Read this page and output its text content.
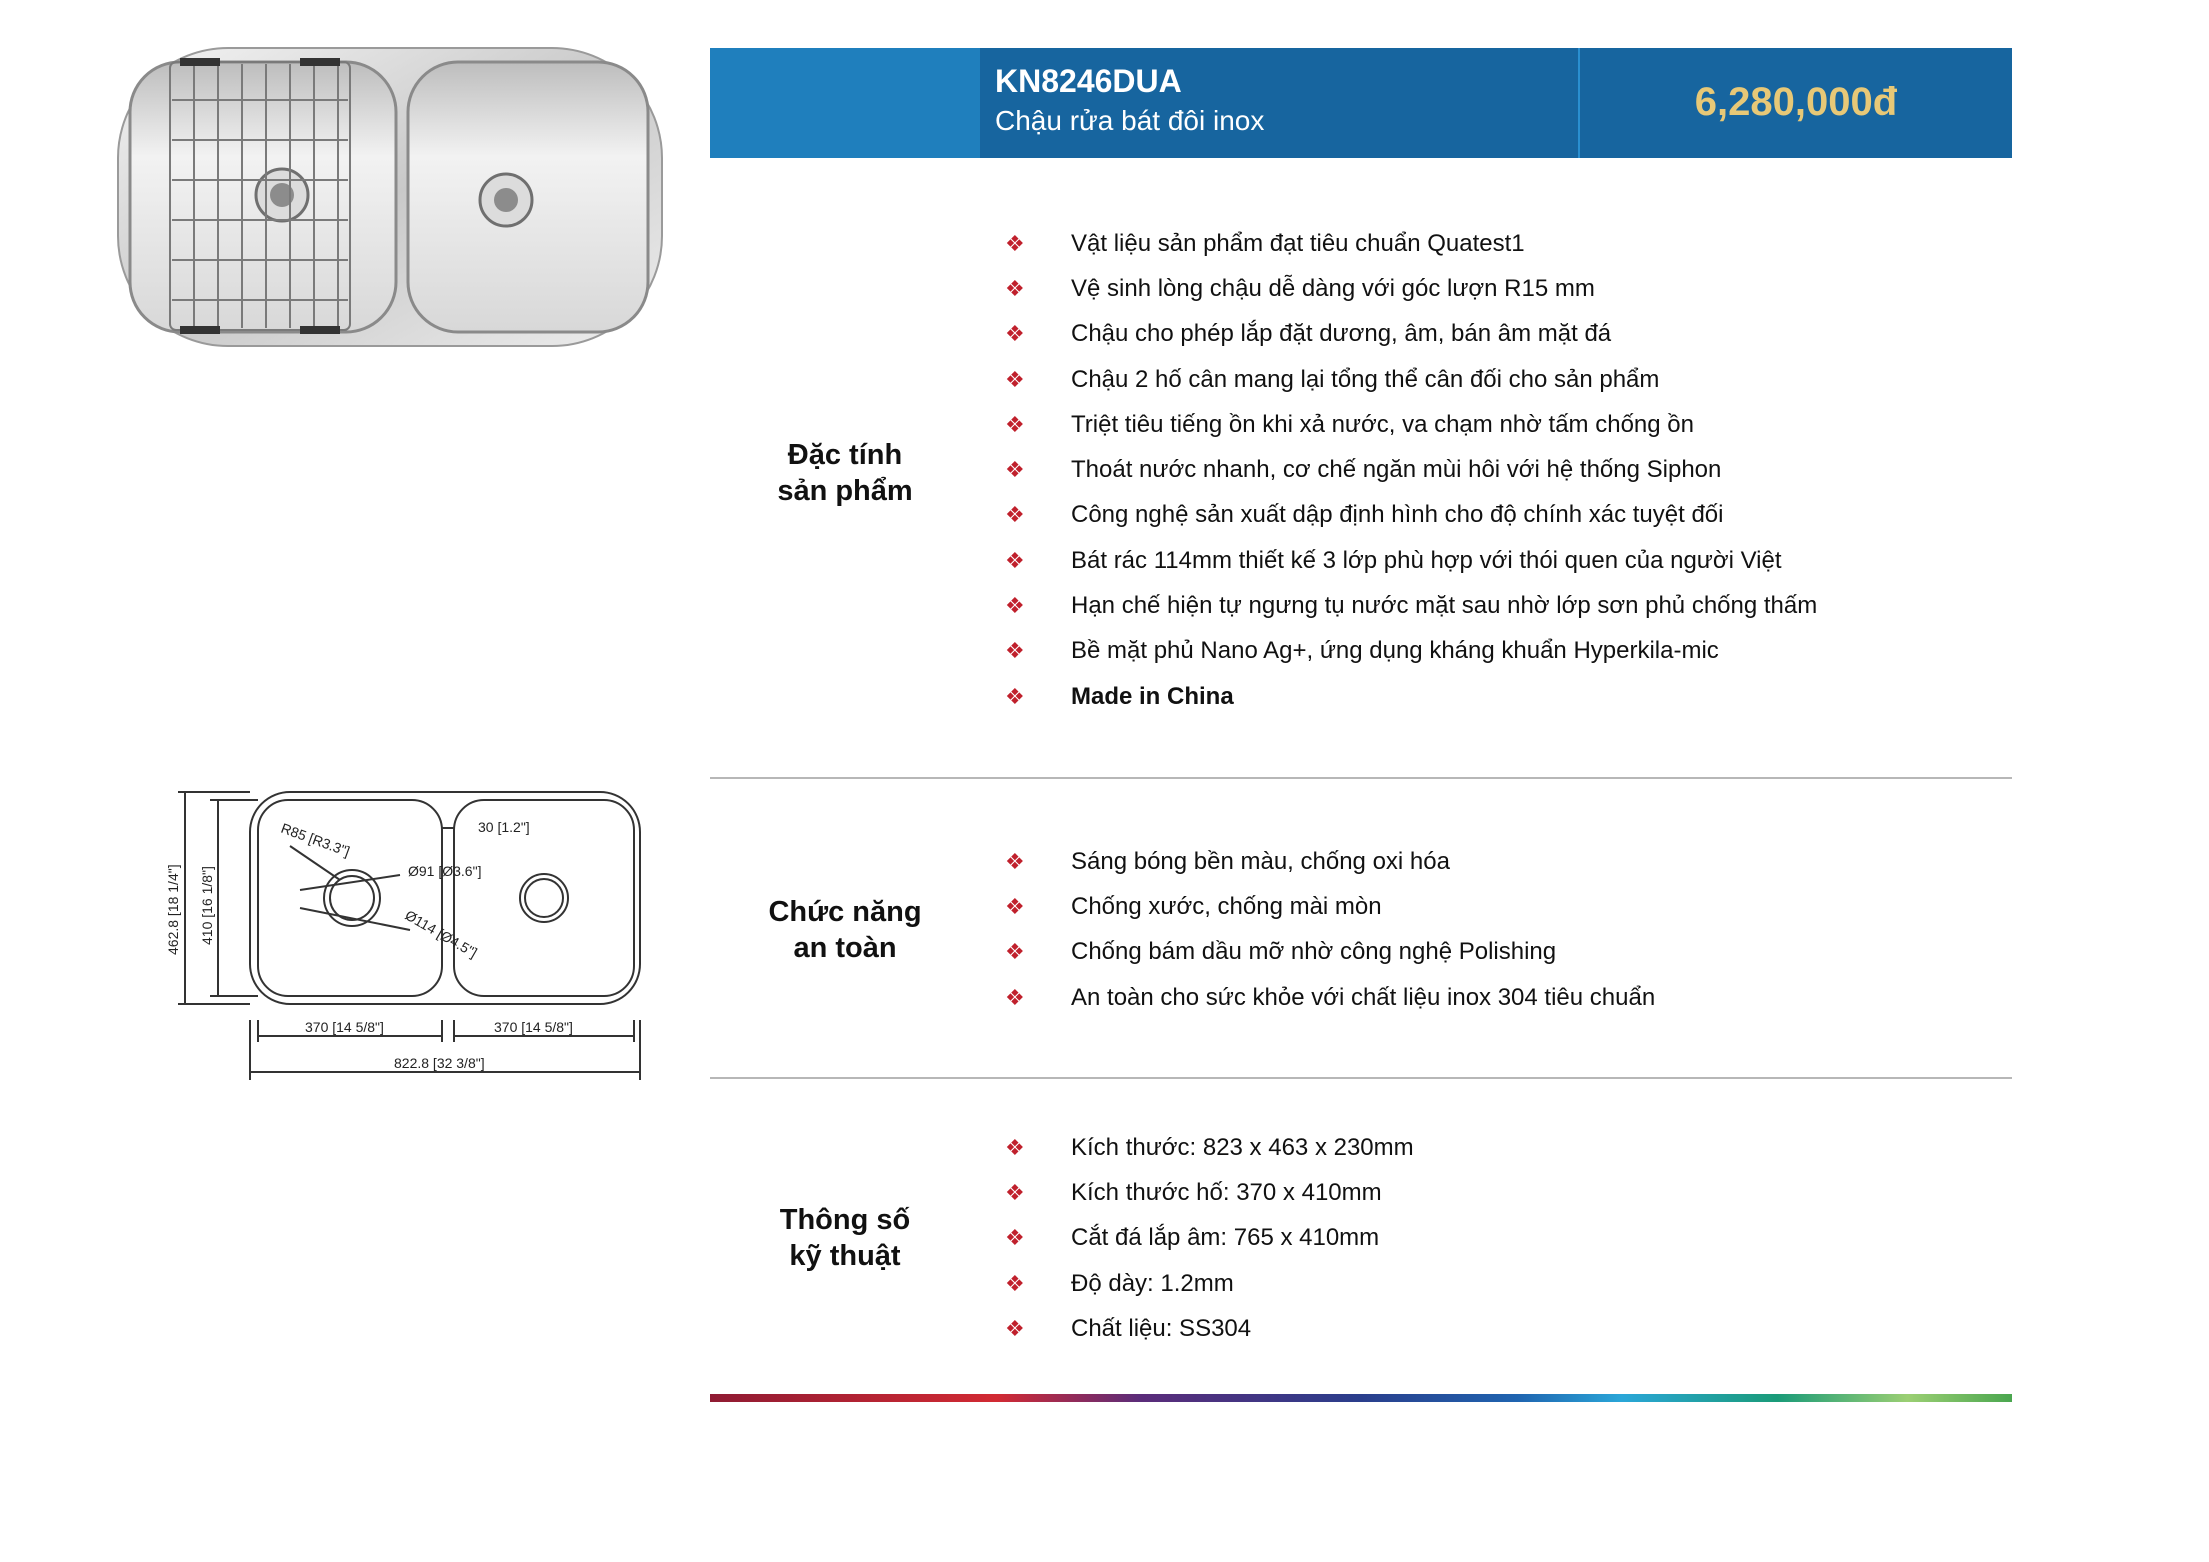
R85 [R3.3"]	30 [1.2"]
Ø91 [Ø3.6"]
Ø114 [Ø4.5"]
462.8 [18 1/4"] 410 [16 1/8"]
370 [14 5/8"]	370 [14 5/8"]
822.8 [32 3/8"]
6,280,000đ
KN8246DUA
Chậu rửa bát đôi inox
Đặc tính
sản phẩm
❖	Vật liệu sản phẩm đạt tiêu chuẩn Quatest1
❖	Vệ sinh lòng chậu dễ dàng với góc lượn R15 mm
❖	Chậu cho phép lắp đặt dương, âm, bán âm mặt đá
❖	Chậu 2 hố cân mang lại tổng thể cân đối cho sản phẩm
❖	Triệt tiêu tiếng ồn khi xả nước, va chạm nhờ tấm chống ồn
❖	Thoát nước nhanh, cơ chế ngăn mùi hôi với hệ thống Siphon
❖	Công nghệ sản xuất dập định hình cho độ chính xác tuyệt đối
❖	Bát rác 114mm thiết kế 3 lớp phù hợp với thói quen của người Việt
❖	Hạn chế hiện tự ngưng tụ nước mặt sau nhờ lớp sơn phủ chống thấm
❖	Bề mặt phủ Nano Ag+, ứng dụng kháng khuẩn Hyperkila-mic
❖	Made in China
Chức năng
an toàn
❖	Sáng bóng bền màu, chống oxi hóa
❖	Chống xước, chống mài mòn
❖	Chống bám dầu mỡ nhờ công nghệ Polishing
❖	An toàn cho sức khỏe với chất liệu inox 304 tiêu chuẩn
Thông số
kỹ thuật
❖	Kích thước: 823 x 463 x 230mm
❖	Kích thước hố: 370 x 410mm
❖	Cắt đá lắp âm: 765 x 410mm
❖	Độ dày: 1.2mm
❖	Chất liệu: SS304
